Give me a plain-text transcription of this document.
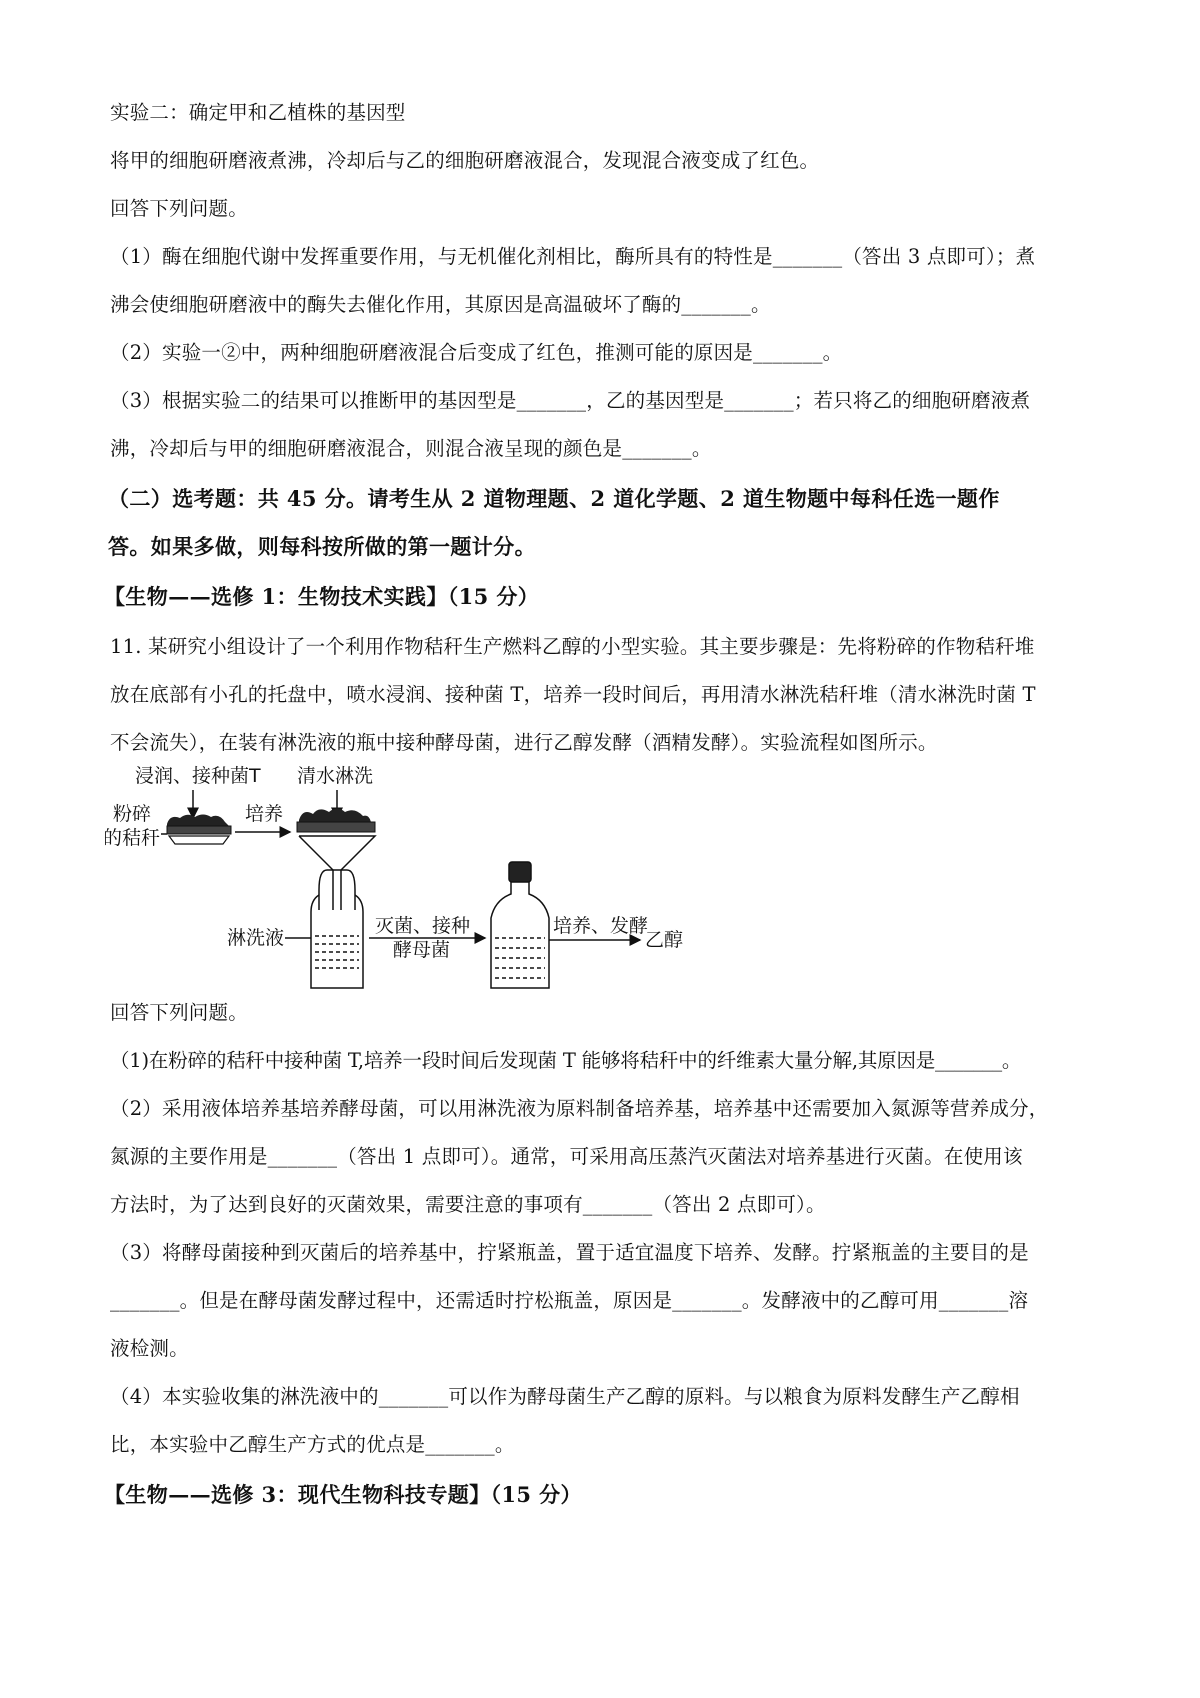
实验二：确定甲和乙植株的基因型
将甲的细胞研磨液煮沸，冷却后与乙的细胞研磨液混合，发现混合液变成了红色。
回答下列问题。
（1）酶在细胞代谢中发挥重要作用，与无机催化剂相比，酶所具有的特性是_______（答出 3 点即可）；煮
沸会使细胞研磨液中的酶失去催化作用，其原因是高温破坏了酶的_______。
（2）实验一②中，两种细胞研磨液混合后变成了红色，推测可能的原因是_______。
（3）根据实验二的结果可以推断甲的基因型是_______，乙的基因型是_______；若只将乙的细胞研磨液煮
沸，冷却后与甲的细胞研磨液混合，则混合液呈现的颜色是_______。
（二）选考题：共 45 分。请考生从 2 道物理题、2 道化学题、2 道生物题中每科任选一题作
答。如果多做，则每科按所做的第一题计分。
【生物——选修 1：生物技术实践】（15 分）
11. 某研究小组设计了一个利用作物秸秆生产燃料乙醇的小型实验。其主要步骤是：先将粉碎的作物秸秆堆
放在底部有小孔的托盘中，喷水浸润、接种菌 T，培养一段时间后，再用清水淋洗秸秆堆（清水淋洗时菌 T
不会流失），在装有淋洗液的瓶中接种酵母菌，进行乙醇发酵（酒精发酵）。实验流程如图所示。
浸润、接种菌T 清水淋洗
粉碎
的秸秆
培养
淋洗液
灭菌、接种
酵母菌
培养、发酵
乙醇
回答下列问题。
（1)在粉碎的秸秆中接种菌 T,培养一段时间后发现菌 T 能够将秸秆中的纤维素大量分解,其原因是_______。
（2）采用液体培养基培养酵母菌，可以用淋洗液为原料制备培养基，培养基中还需要加入氮源等营养成分，
氮源的主要作用是_______（答出 1 点即可）。通常，可采用高压蒸汽灭菌法对培养基进行灭菌。在使用该
方法时，为了达到良好的灭菌效果，需要注意的事项有_______（答出 2 点即可）。
（3）将酵母菌接种到灭菌后的培养基中，拧紧瓶盖，置于适宜温度下培养、发酵。拧紧瓶盖的主要目的是
_______。但是在酵母菌发酵过程中，还需适时拧松瓶盖，原因是_______。发酵液中的乙醇可用_______溶
液检测。
（4）本实验收集的淋洗液中的_______可以作为酵母菌生产乙醇的原料。与以粮食为原料发酵生产乙醇相
比，本实验中乙醇生产方式的优点是_______。
【生物——选修 3：现代生物科技专题】（15 分）
